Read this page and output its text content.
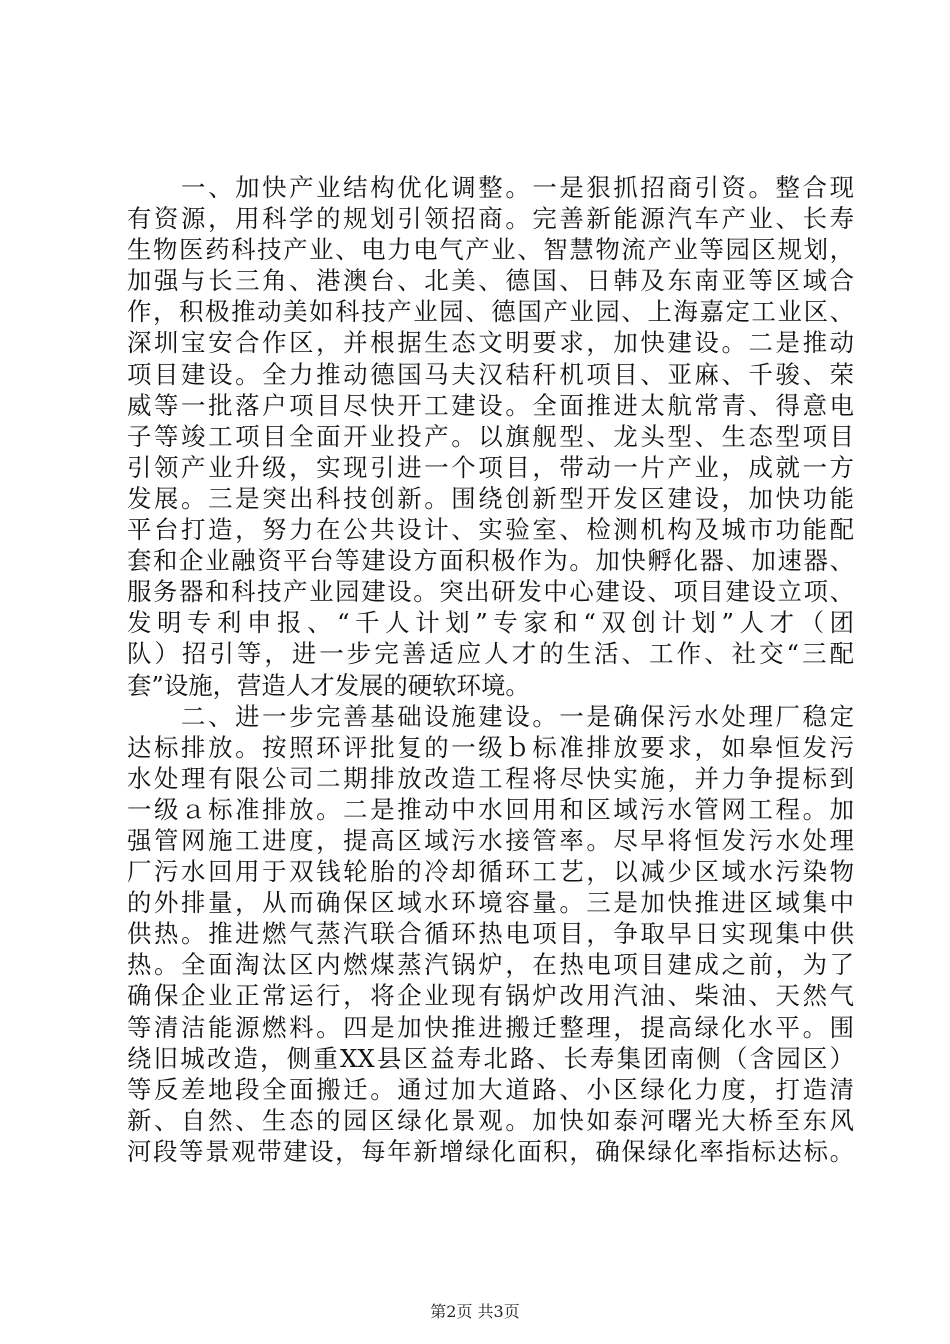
　　一、加快产业结构优化调整。一是狠抓招商引资。整合现
有资源，用科学的规划引领招商。完善新能源汽车产业、长寿
生物医药科技产业、电力电气产业、智慧物流产业等园区规划，
加强与长三角、港澳台、北美、德国、日韩及东南亚等区域合
作，积极推动美如科技产业园、德国产业园、上海嘉定工业区、
深圳宝安合作区，并根据生态文明要求，加快建设。二是推动
项目建设。全力推动德国马夫汉秸秆机项目、亚麻、千骏、荣
威等一批落户项目尽快开工建设。全面推进太航常青、得意电
子等竣工项目全面开业投产。以旗舰型、龙头型、生态型项目
引领产业升级，实现引进一个项目，带动一片产业，成就一方
发展。三是突出科技创新。围绕创新型开发区建设，加快功能
平台打造，努力在公共设计、实验室、检测机构及城市功能配
套和企业融资平台等建设方面积极作为。加快孵化器、加速器、
服务器和科技产业园建设。突出研发中心建设、项目建设立项、
发明专利申报、“千人计划”专家和“双创计划”人才（团
队）招引等，进一步完善适应人才的生活、工作、社交“三配
套”设施，营造人才发展的硬软环境。
　　二、进一步完善基础设施建设。一是确保污水处理厂稳定
达标排放。按照环评批复的一级ｂ标准排放要求，如皋恒发污
水处理有限公司二期排放改造工程将尽快实施，并力争提标到
一级ａ标准排放。二是推动中水回用和区域污水管网工程。加
强管网施工进度，提高区域污水接管率。尽早将恒发污水处理
厂污水回用于双钱轮胎的冷却循环工艺，以减少区域水污染物
的外排量，从而确保区域水环境容量。三是加快推进区域集中
供热。推进燃气蒸汽联合循环热电项目，争取早日实现集中供
热。全面淘汰区内燃煤蒸汽锅炉，在热电项目建成之前，为了
确保企业正常运行，将企业现有锅炉改用汽油、柴油、天然气
等清洁能源燃料。四是加快推进搬迁整理，提高绿化水平。围
绕旧城改造，侧重XX县区益寿北路、长寿集团南侧（含园区）
等反差地段全面搬迁。通过加大道路、小区绿化力度，打造清
新、自然、生态的园区绿化景观。加快如泰河曙光大桥至东风
河段等景观带建设，每年新增绿化面积，确保绿化率指标达标。
第2页 共3页
